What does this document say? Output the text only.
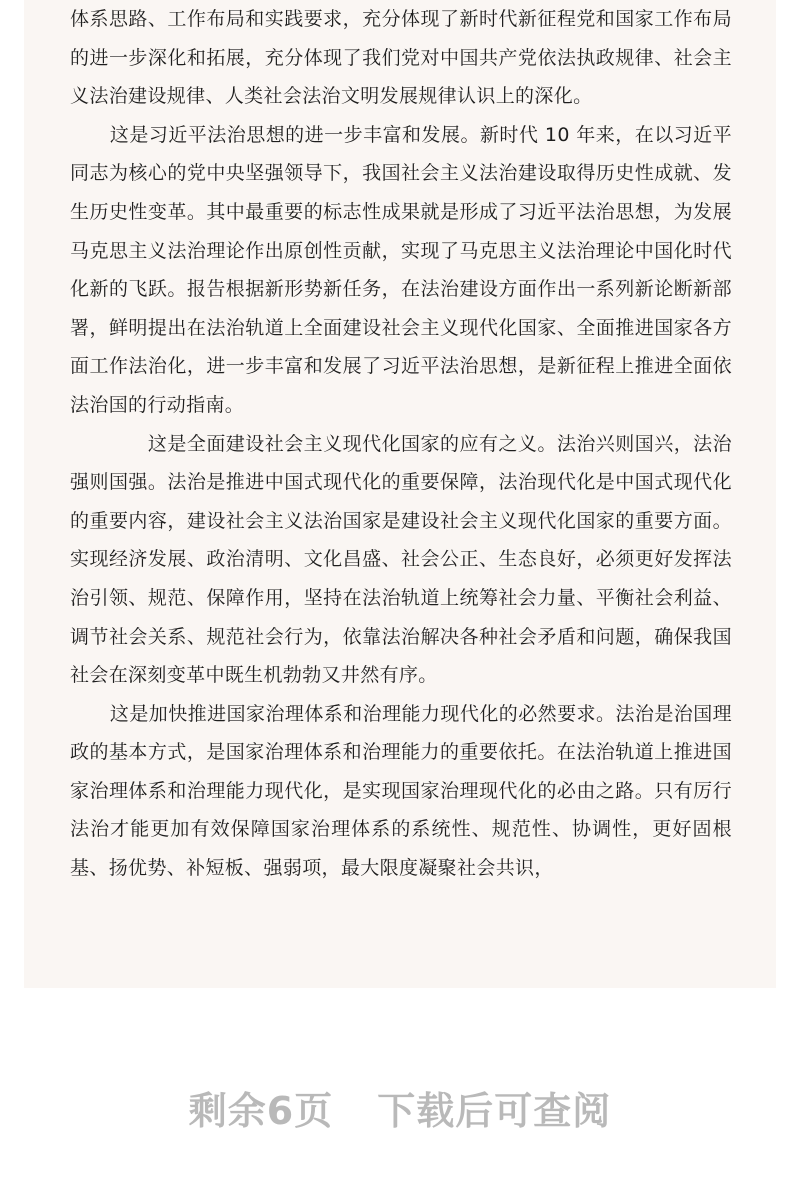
体系思路、工作布局和实践要求，充分体现了新时代新征程党和国家工作布局的进一步深化和拓展，充分体现了我们党对中国共产党依法执政规律、社会主义法治建设规律、人类社会法治文明发展规律认识上的深化。

这是习近平法治思想的进一步丰富和发展。新时代 10 年来，在以习近平同志为核心的党中央坚强领导下，我国社会主义法治建设取得历史性成就、发生历史性变革。其中最重要的标志性成果就是形成了习近平法治思想，为发展马克思主义法治理论作出原创性贡献，实现了马克思主义法治理论中国化时代化新的飞跃。报告根据新形势新任务，在法治建设方面作出一系列新论断新部署，鲜明提出在法治轨道上全面建设社会主义现代化国家、全面推进国家各方面工作法治化，进一步丰富和发展了习近平法治思想，是新征程上推进全面依法治国的行动指南。

这是全面建设社会主义现代化国家的应有之义。法治兴则国兴，法治强则国强。法治是推进中国式现代化的重要保障，法治现代化是中国式现代化的重要内容，建设社会主义法治国家是建设社会主义现代化国家的重要方面。实现经济发展、政治清明、文化昌盛、社会公正、生态良好，必须更好发挥法治引领、规范、保障作用，坚持在法治轨道上统筹社会力量、平衡社会利益、调节社会关系、规范社会行为，依靠法治解决各种社会矛盾和问题，确保我国社会在深刻变革中既生机勃勃又井然有序。

这是加快推进国家治理体系和治理能力现代化的必然要求。法治是治国理政的基本方式，是国家治理体系和治理能力的重要依托。在法治轨道上推进国家治理体系和治理能力现代化，是实现国家治理现代化的必由之路。只有厉行法治才能更加有效保障国家治理体系的系统性、规范性、协调性，更好固根基、扬优势、补短板、强弱项，最大限度凝聚社会共识，

剩余6页 下载后可查阅
